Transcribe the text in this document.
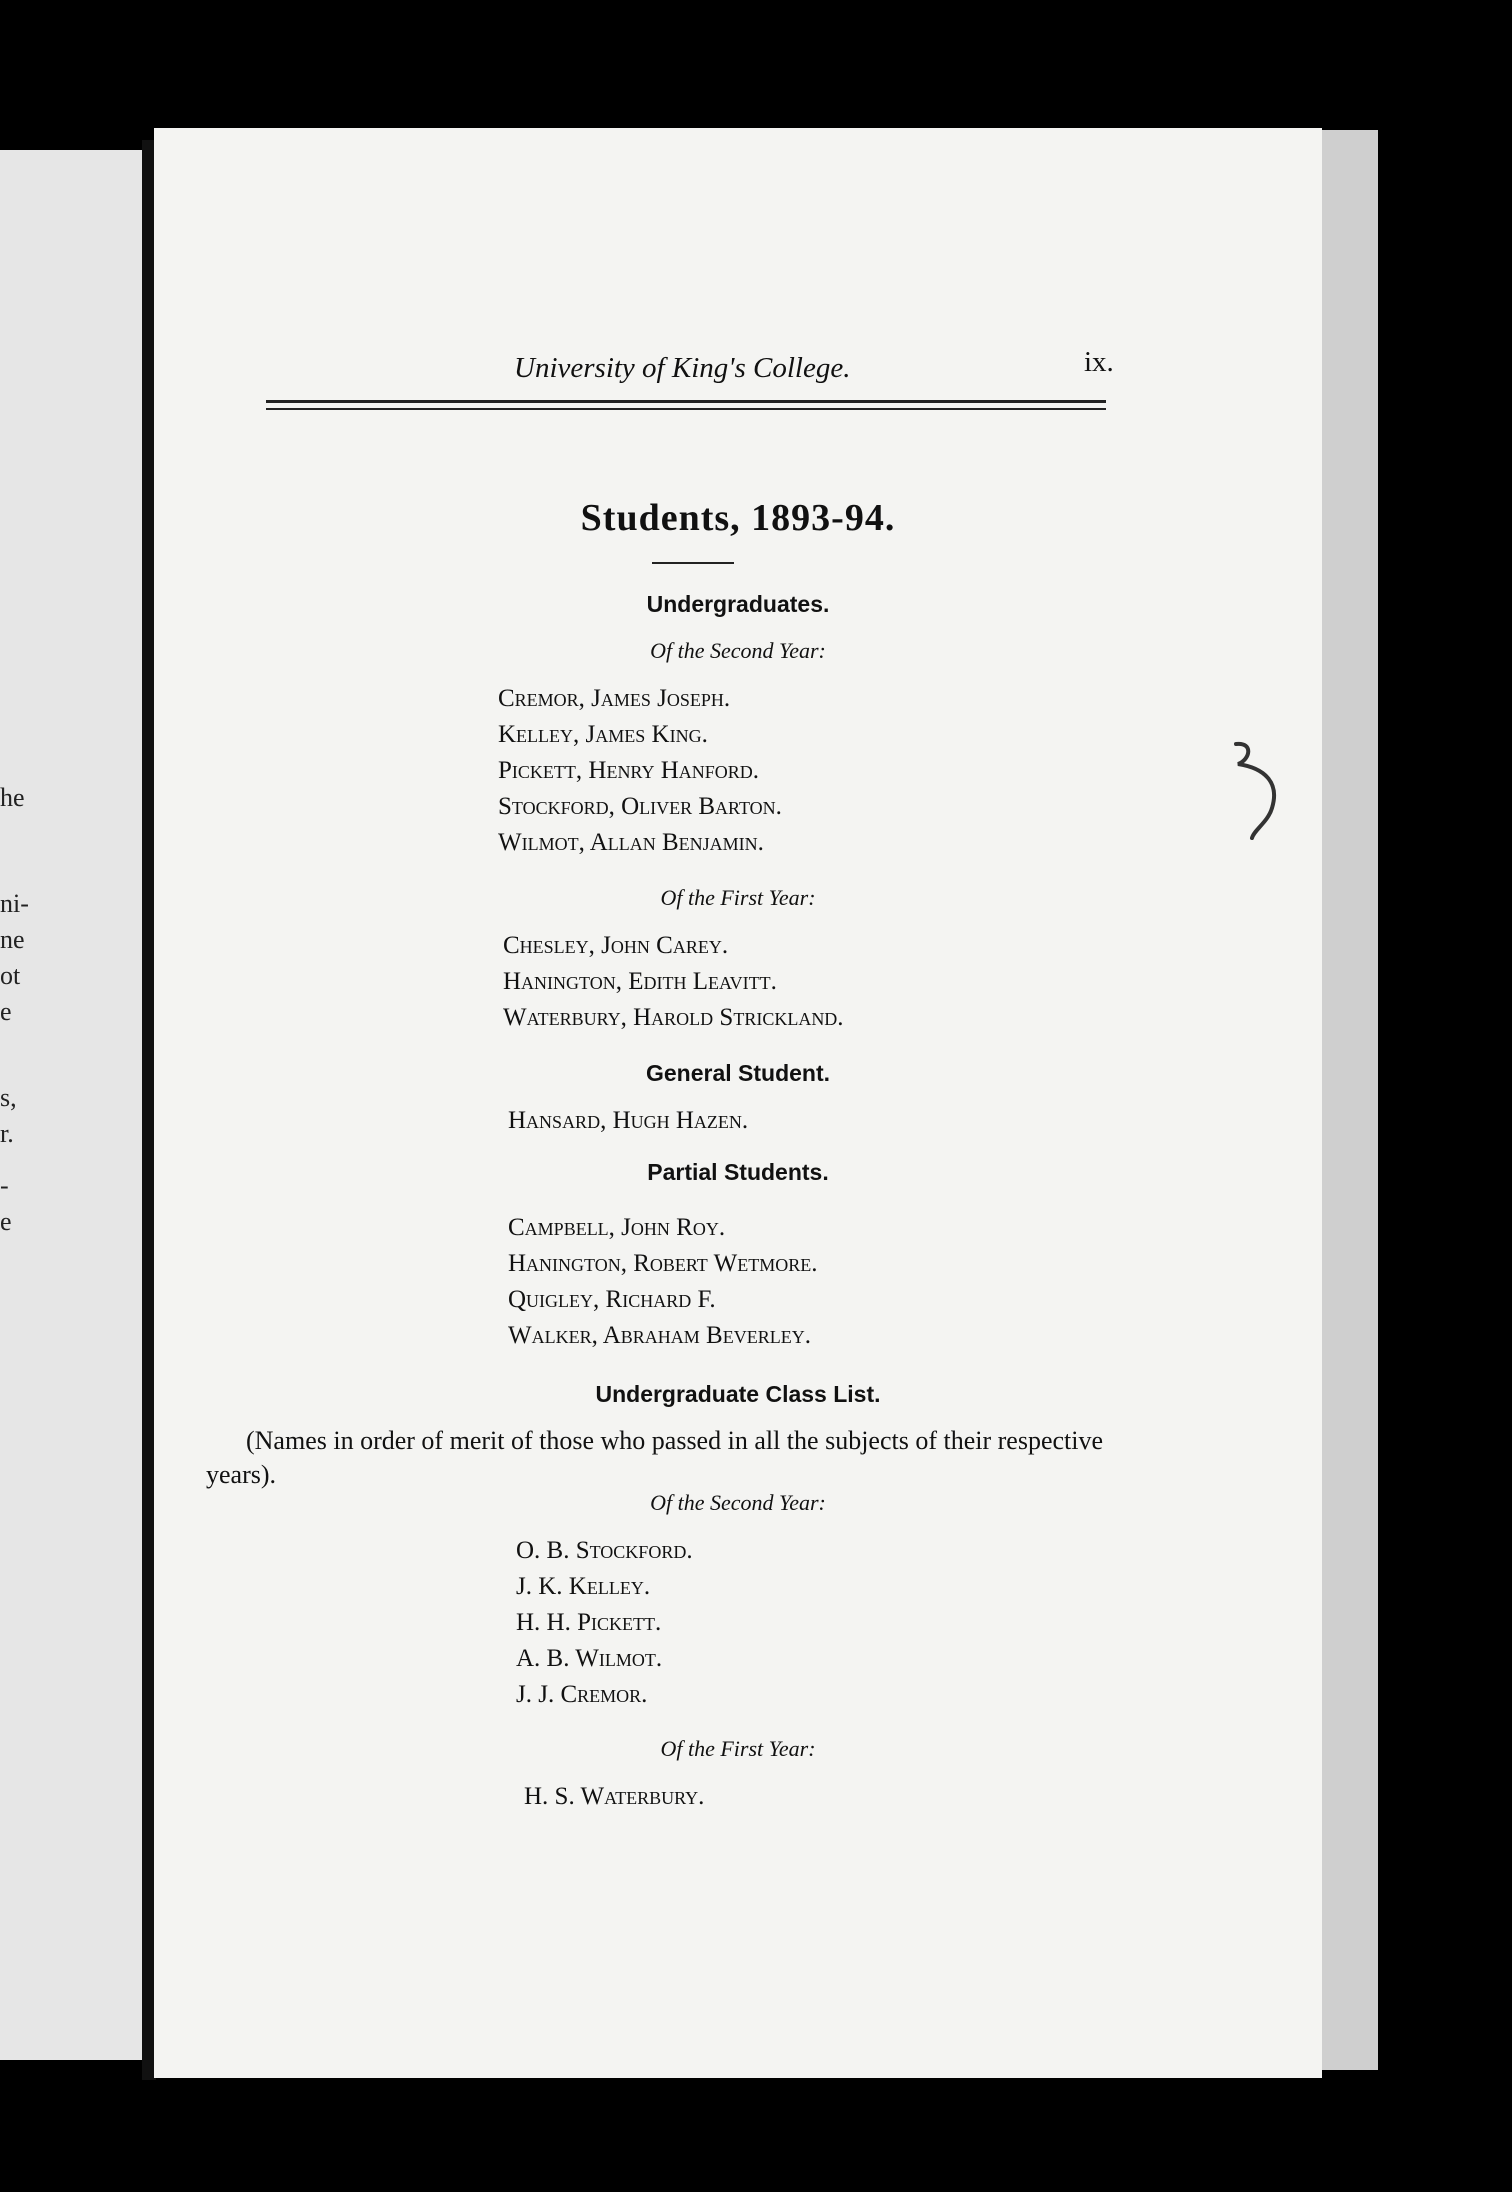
he
ni-
ne
ot
e
s,
r.
-
e
University of King's College.	ix.
Students, 1893-94.
Undergraduates.
Of the Second Year:
Cremor, James Joseph.
Kelley, James King.
Pickett, Henry Hanford.
Stockford, Oliver Barton.
Wilmot, Allan Benjamin.
Of the First Year:
Chesley, John Carey.
Hanington, Edith Leavitt.
Waterbury, Harold Strickland.
General Student.
Hansard, Hugh Hazen.
Partial Students.
Campbell, John Roy.
Hanington, Robert Wetmore.
Quigley, Richard F.
Walker, Abraham Beverley.
Undergraduate Class List.
(Names in order of merit of those who passed in all the subjects of their respective years).
Of the Second Year:
O. B. Stockford.
J. K. Kelley.
H. H. Pickett.
A. B. Wilmot.
J. J. Cremor.
Of the First Year:
H. S. Waterbury.
